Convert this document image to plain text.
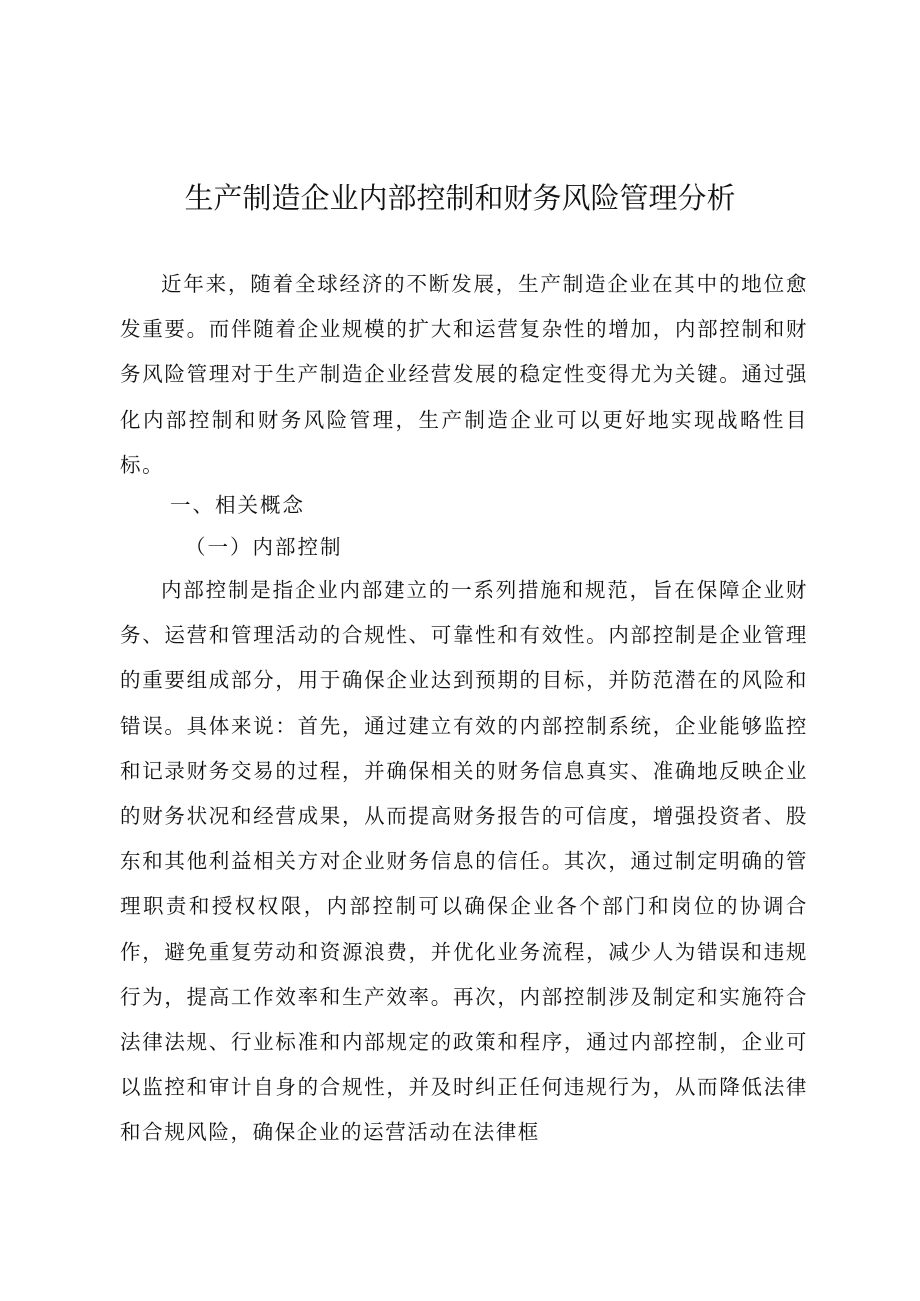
生产制造企业内部控制和财务风险管理分析
近年来，随着全球经济的不断发展，生产制造企业在其中的地位愈发重要。而伴随着企业规模的扩大和运营复杂性的增加，内部控制和财务风险管理对于生产制造企业经营发展的稳定性变得尤为关键。通过强化内部控制和财务风险管理，生产制造企业可以更好地实现战略性目标。
一、相关概念
（一）内部控制
内部控制是指企业内部建立的一系列措施和规范，旨在保障企业财务、运营和管理活动的合规性、可靠性和有效性。内部控制是企业管理的重要组成部分，用于确保企业达到预期的目标，并防范潜在的风险和错误。具体来说：首先，通过建立有效的内部控制系统，企业能够监控和记录财务交易的过程，并确保相关的财务信息真实、准确地反映企业的财务状况和经营成果，从而提高财务报告的可信度，增强投资者、股东和其他利益相关方对企业财务信息的信任。其次，通过制定明确的管理职责和授权权限，内部控制可以确保企业各个部门和岗位的协调合作，避免重复劳动和资源浪费，并优化业务流程，减少人为错误和违规行为，提高工作效率和生产效率。再次，内部控制涉及制定和实施符合法律法规、行业标准和内部规定的政策和程序，通过内部控制，企业可以监控和审计自身的合规性，并及时纠正任何违规行为，从而降低法律和合规风险，确保企业的运营活动在法律框
